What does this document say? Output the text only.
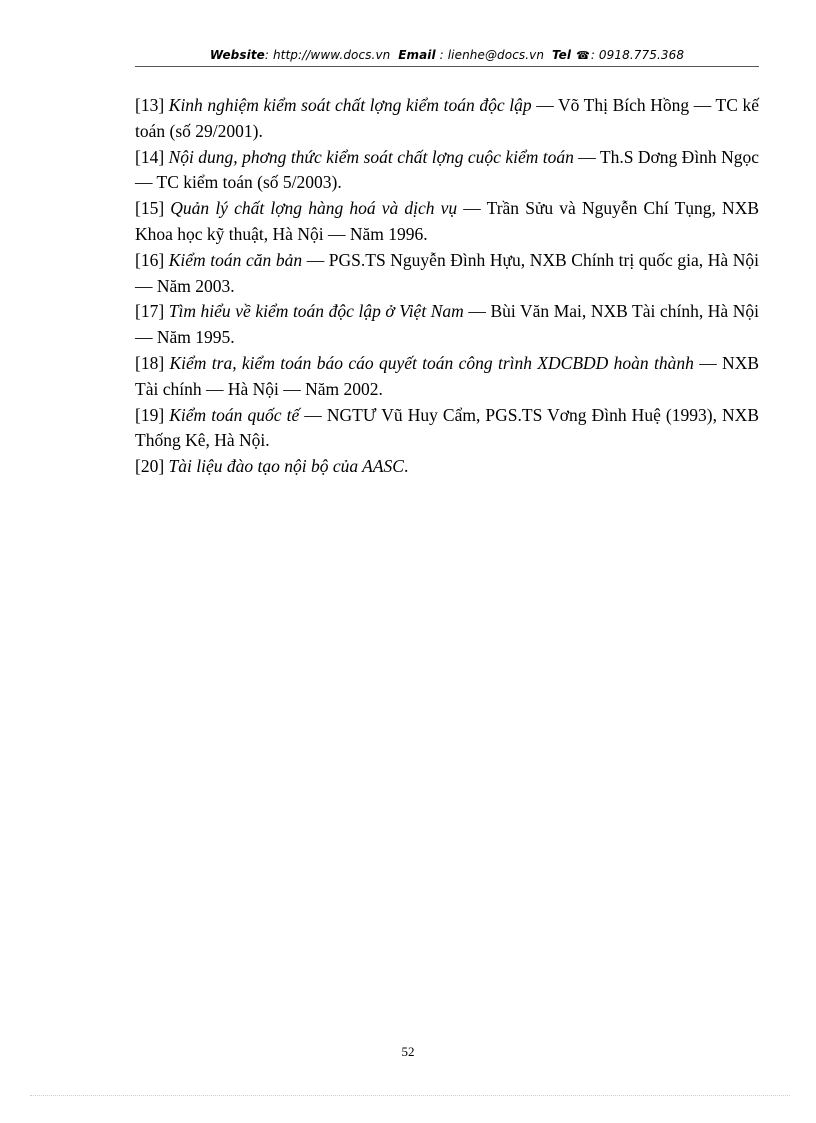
Website: http://www.docs.vn Email : lienhe@docs.vn Tel ☎: 0918.775.368

[13] Kinh nghiệm kiểm soát chất lợng kiểm toán độc lập — Võ Thị Bích Hồng — TC kế toán (số 29/2001).

[14] Nội dung, phơng thức kiểm soát chất lợng cuộc kiểm toán — Th.S Dơng Đình Ngọc — TC kiểm toán (số 5/2003).

[15] Quản lý chất lợng hàng hoá và dịch vụ — Trần Sửu và Nguyễn Chí Tụng, NXB Khoa học kỹ thuật, Hà Nội — Năm 1996.

[16] Kiểm toán căn bản — PGS.TS Nguyễn Đình Hựu, NXB Chính trị quốc gia, Hà Nội — Năm 2003.

[17] Tìm hiểu về kiểm toán độc lập ở Việt Nam — Bùi Văn Mai, NXB Tài chính, Hà Nội — Năm 1995.

[18] Kiểm tra, kiểm toán báo cáo quyết toán công trình XDCBDD hoàn thành — NXB Tài chính — Hà Nội — Năm 2002.

[19] Kiểm toán quốc tế — NGTƯ Vũ Huy Cẩm, PGS.TS Vơng Đình Huệ (1993), NXB Thống Kê, Hà Nội.

[20] Tài liệu đào tạo nội bộ của AASC.

52
